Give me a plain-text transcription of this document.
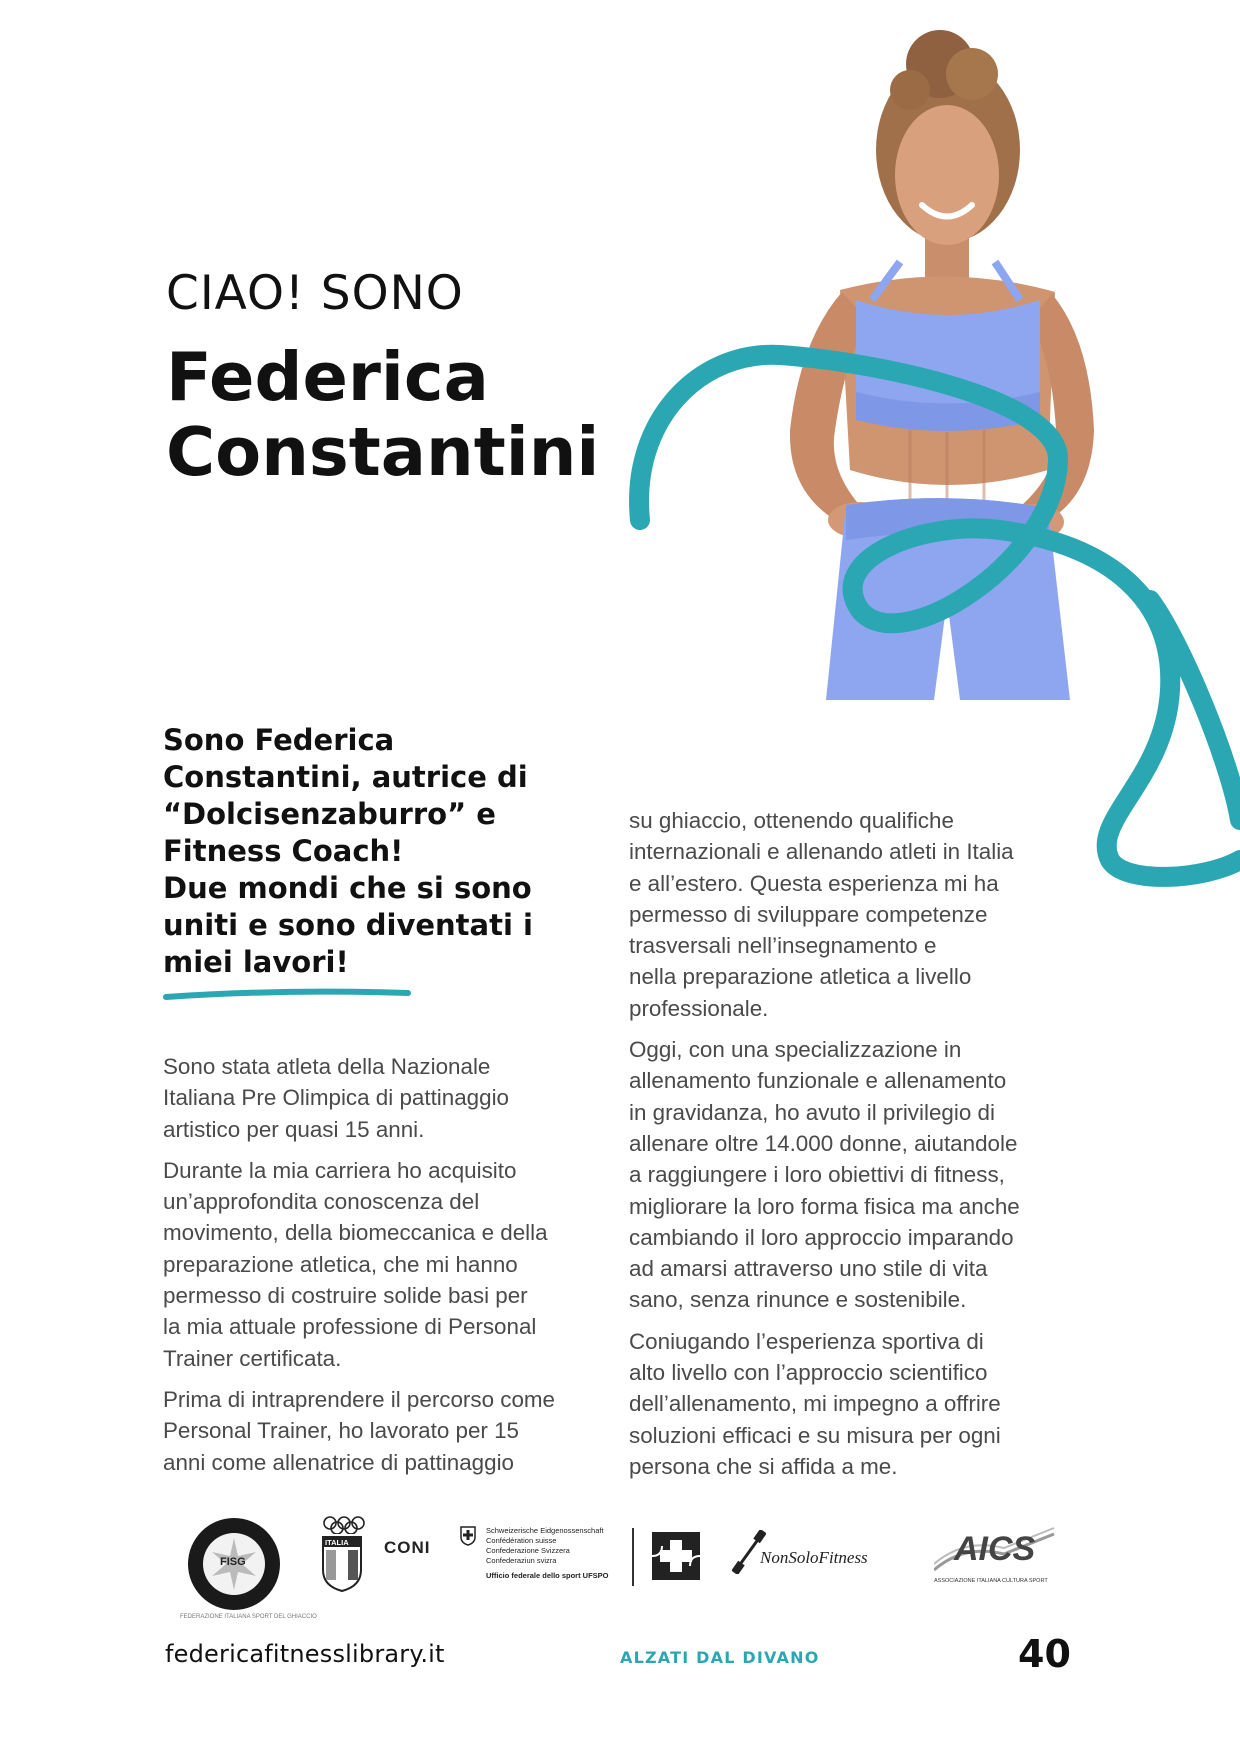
CIAO! SONO
Federica
Constantini
Sono Federica
Constantini, autrice di
“Dolcisenzaburro” e
Fitness Coach!
Due mondi che si sono
uniti e sono diventati i
miei lavori!

Sono stata atleta della Nazionale
Italiana Pre Olimpica di pattinaggio
artistico per quasi 15 anni.

Durante la mia carriera ho acquisito
un’approfondita conoscenza del
movimento, della biomeccanica e della
preparazione atletica, che mi hanno
permesso di costruire solide basi per
la mia attuale professione di Personal
Trainer certificata.

Prima di intraprendere il percorso come
Personal Trainer, ho lavorato per 15
anni come allenatrice di pattinaggio

su ghiaccio, ottenendo qualifiche
internazionali e allenando atleti in Italia
e all’estero. Questa esperienza mi ha
permesso di sviluppare competenze
trasversali nell’insegnamento e
nella preparazione atletica a livello
professionale.

Oggi, con una specializzazione in
allenamento funzionale e allenamento
in gravidanza, ho avuto il privilegio di
allenare oltre 14.000 donne, aiutandole
a raggiungere i loro obiettivi di fitness,
migliorare la loro forma fisica ma anche
cambiando il loro approccio imparando
ad amarsi attraverso uno stile di vita
sano, senza rinunce e sostenibile.

Coniugando l’esperienza sportiva di
alto livello con l’approccio scientifico
dell’allenamento, mi impegno a offrire
soluzioni efficaci e su misura per ogni
persona che si affida a me.

FISG
FEDERAZIONE ITALIANA SPORT DEL GHIACCIO
ITALIA CONI
Schweizerische Eidgenossenschaft
Confédération suisse
Confederazione Svizzera
Confederaziun svizra
Ufficio federale dello sport UFSPO
NonSoloFitness	AICS
ASSOCIAZIONE ITALIANA CULTURA SPORT
federicafitnesslibrary.it	ALZATI DAL DIVANO	40
